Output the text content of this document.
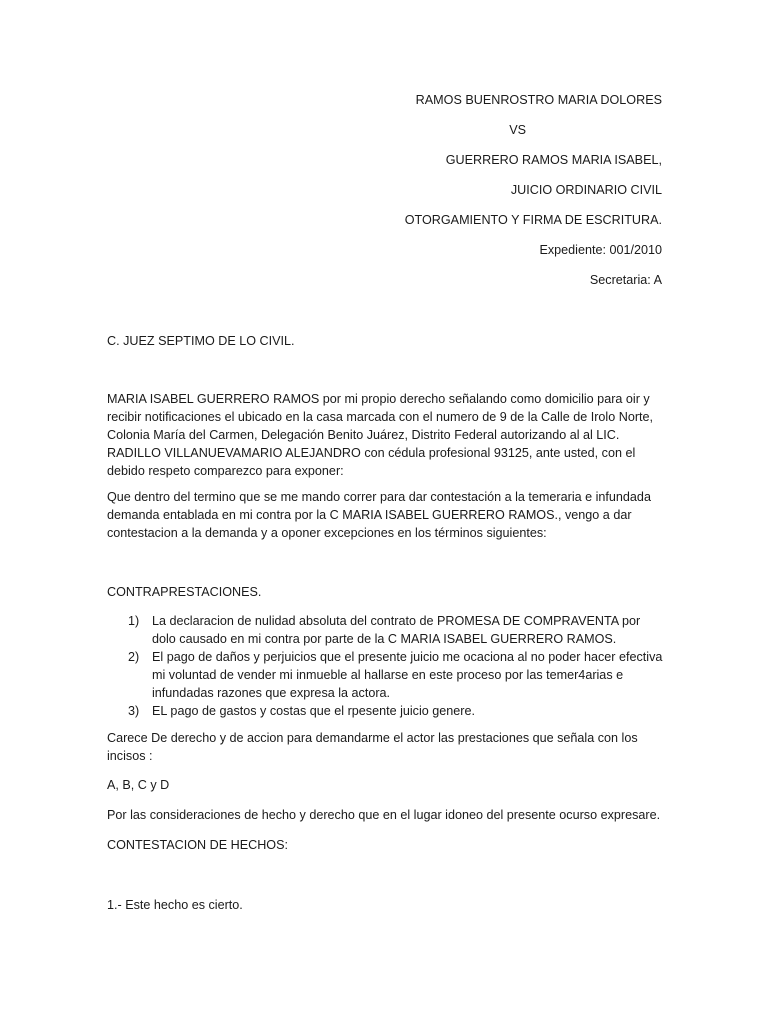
RAMOS BUENROSTRO MARIA DOLORES
VS
GUERRERO RAMOS MARIA ISABEL,
JUICIO ORDINARIO CIVIL
OTORGAMIENTO Y FIRMA DE ESCRITURA.
Expediente: 001/2010
Secretaria: A
C. JUEZ SEPTIMO DE LO CIVIL.
MARIA ISABEL GUERRERO RAMOS por mi propio derecho señalando como domicilio para oir y recibir notificaciones el ubicado en la casa marcada con el numero de 9 de la Calle de Irolo Norte, Colonia María del Carmen, Delegación Benito Juárez, Distrito Federal autorizando al al LIC. RADILLO VILLANUEVAMARIO ALEJANDRO con cédula profesional 93125, ante usted, con el debido respeto comparezco para exponer:
Que dentro del termino que se me mando correr para dar contestación a la temeraria e infundada demanda entablada en mi contra por la C MARIA ISABEL GUERRERO RAMOS., vengo a dar contestacion a la demanda y a oponer excepciones en los términos siguientes:
CONTRAPRESTACIONES.
1) La declaracion de nulidad absoluta del contrato de PROMESA DE COMPRAVENTA por dolo causado en mi contra por parte de la C MARIA ISABEL GUERRERO RAMOS.
2) El pago de daños y perjuicios que el presente juicio me ocaciona al no poder hacer efectiva mi voluntad de vender mi inmueble al hallarse en este proceso por las temer4arias e infundadas razones que expresa la actora.
3) EL pago de gastos y costas que el rpesente juicio genere.
Carece De derecho y de accion para demandarme el actor las prestaciones que señala con los incisos :
A, B, C y D
Por las consideraciones de hecho y derecho que en el lugar idoneo del presente ocurso expresare.
CONTESTACION DE HECHOS:
1.- Este hecho es cierto.
